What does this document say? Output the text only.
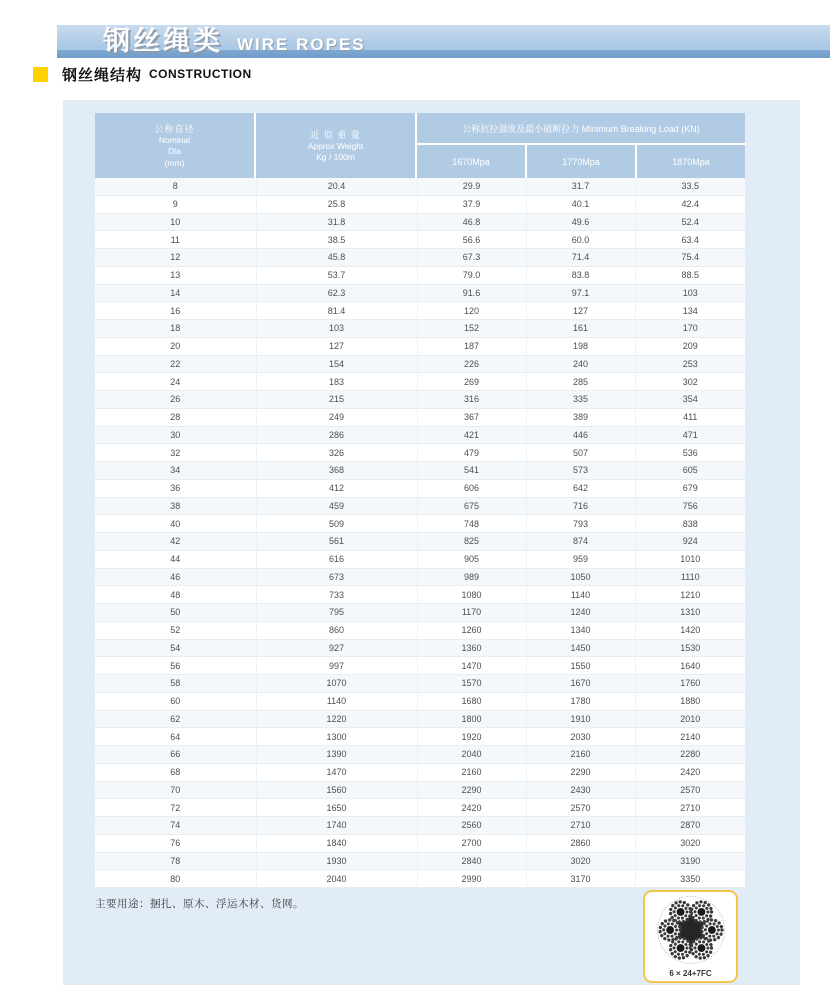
钢丝绳类 WIRE ROPES
钢丝绳结构 CONSTRUCTION
公称直径
Nominal
Dia
(mm)
近 似 重 量
Approx Weight
Kg / 100m
公称抗拉强度及最小破断拉力 Minimum Breaking Load (KN)
1670Mpa	1770Mpa	1870Mpa
8	20.4	29.9	31.7	33.5
9	25.8	37.9	40.1	42.4
10	31.8	46.8	49.6	52.4
11	38.5	56.6	60.0	63.4
12	45.8	67.3	71.4	75.4
13	53.7	79.0	83.8	88.5
14	62.3	91.6	97.1	103
16	81.4	120	127	134
18	103	152	161	170
20	127	187	198	209
22	154	226	240	253
24	183	269	285	302
26	215	316	335	354
28	249	367	389	411
30	286	421	446	471
32	326	479	507	536
34	368	541	573	605
36	412	606	642	679
38	459	675	716	756
40	509	748	793	838
42	561	825	874	924
44	616	905	959	1010
46	673	989	1050	1110
48	733	1080	1140	1210
50	795	1170	1240	1310
52	860	1260	1340	1420
54	927	1360	1450	1530
56	997	1470	1550	1640
58	1070	1570	1670	1760
60	1140	1680	1780	1880
62	1220	1800	1910	2010
64	1300	1920	2030	2140
66	1390	2040	2160	2280
68	1470	2160	2290	2420
70	1560	2290	2430	2570
72	1650	2420	2570	2710
74	1740	2560	2710	2870
76	1840	2700	2860	3020
78	1930	2840	3020	3190
80	2040	2990	3170	3350
主要用途：捆扎、原木、浮运木材、货网。
6 × 24+7FC
